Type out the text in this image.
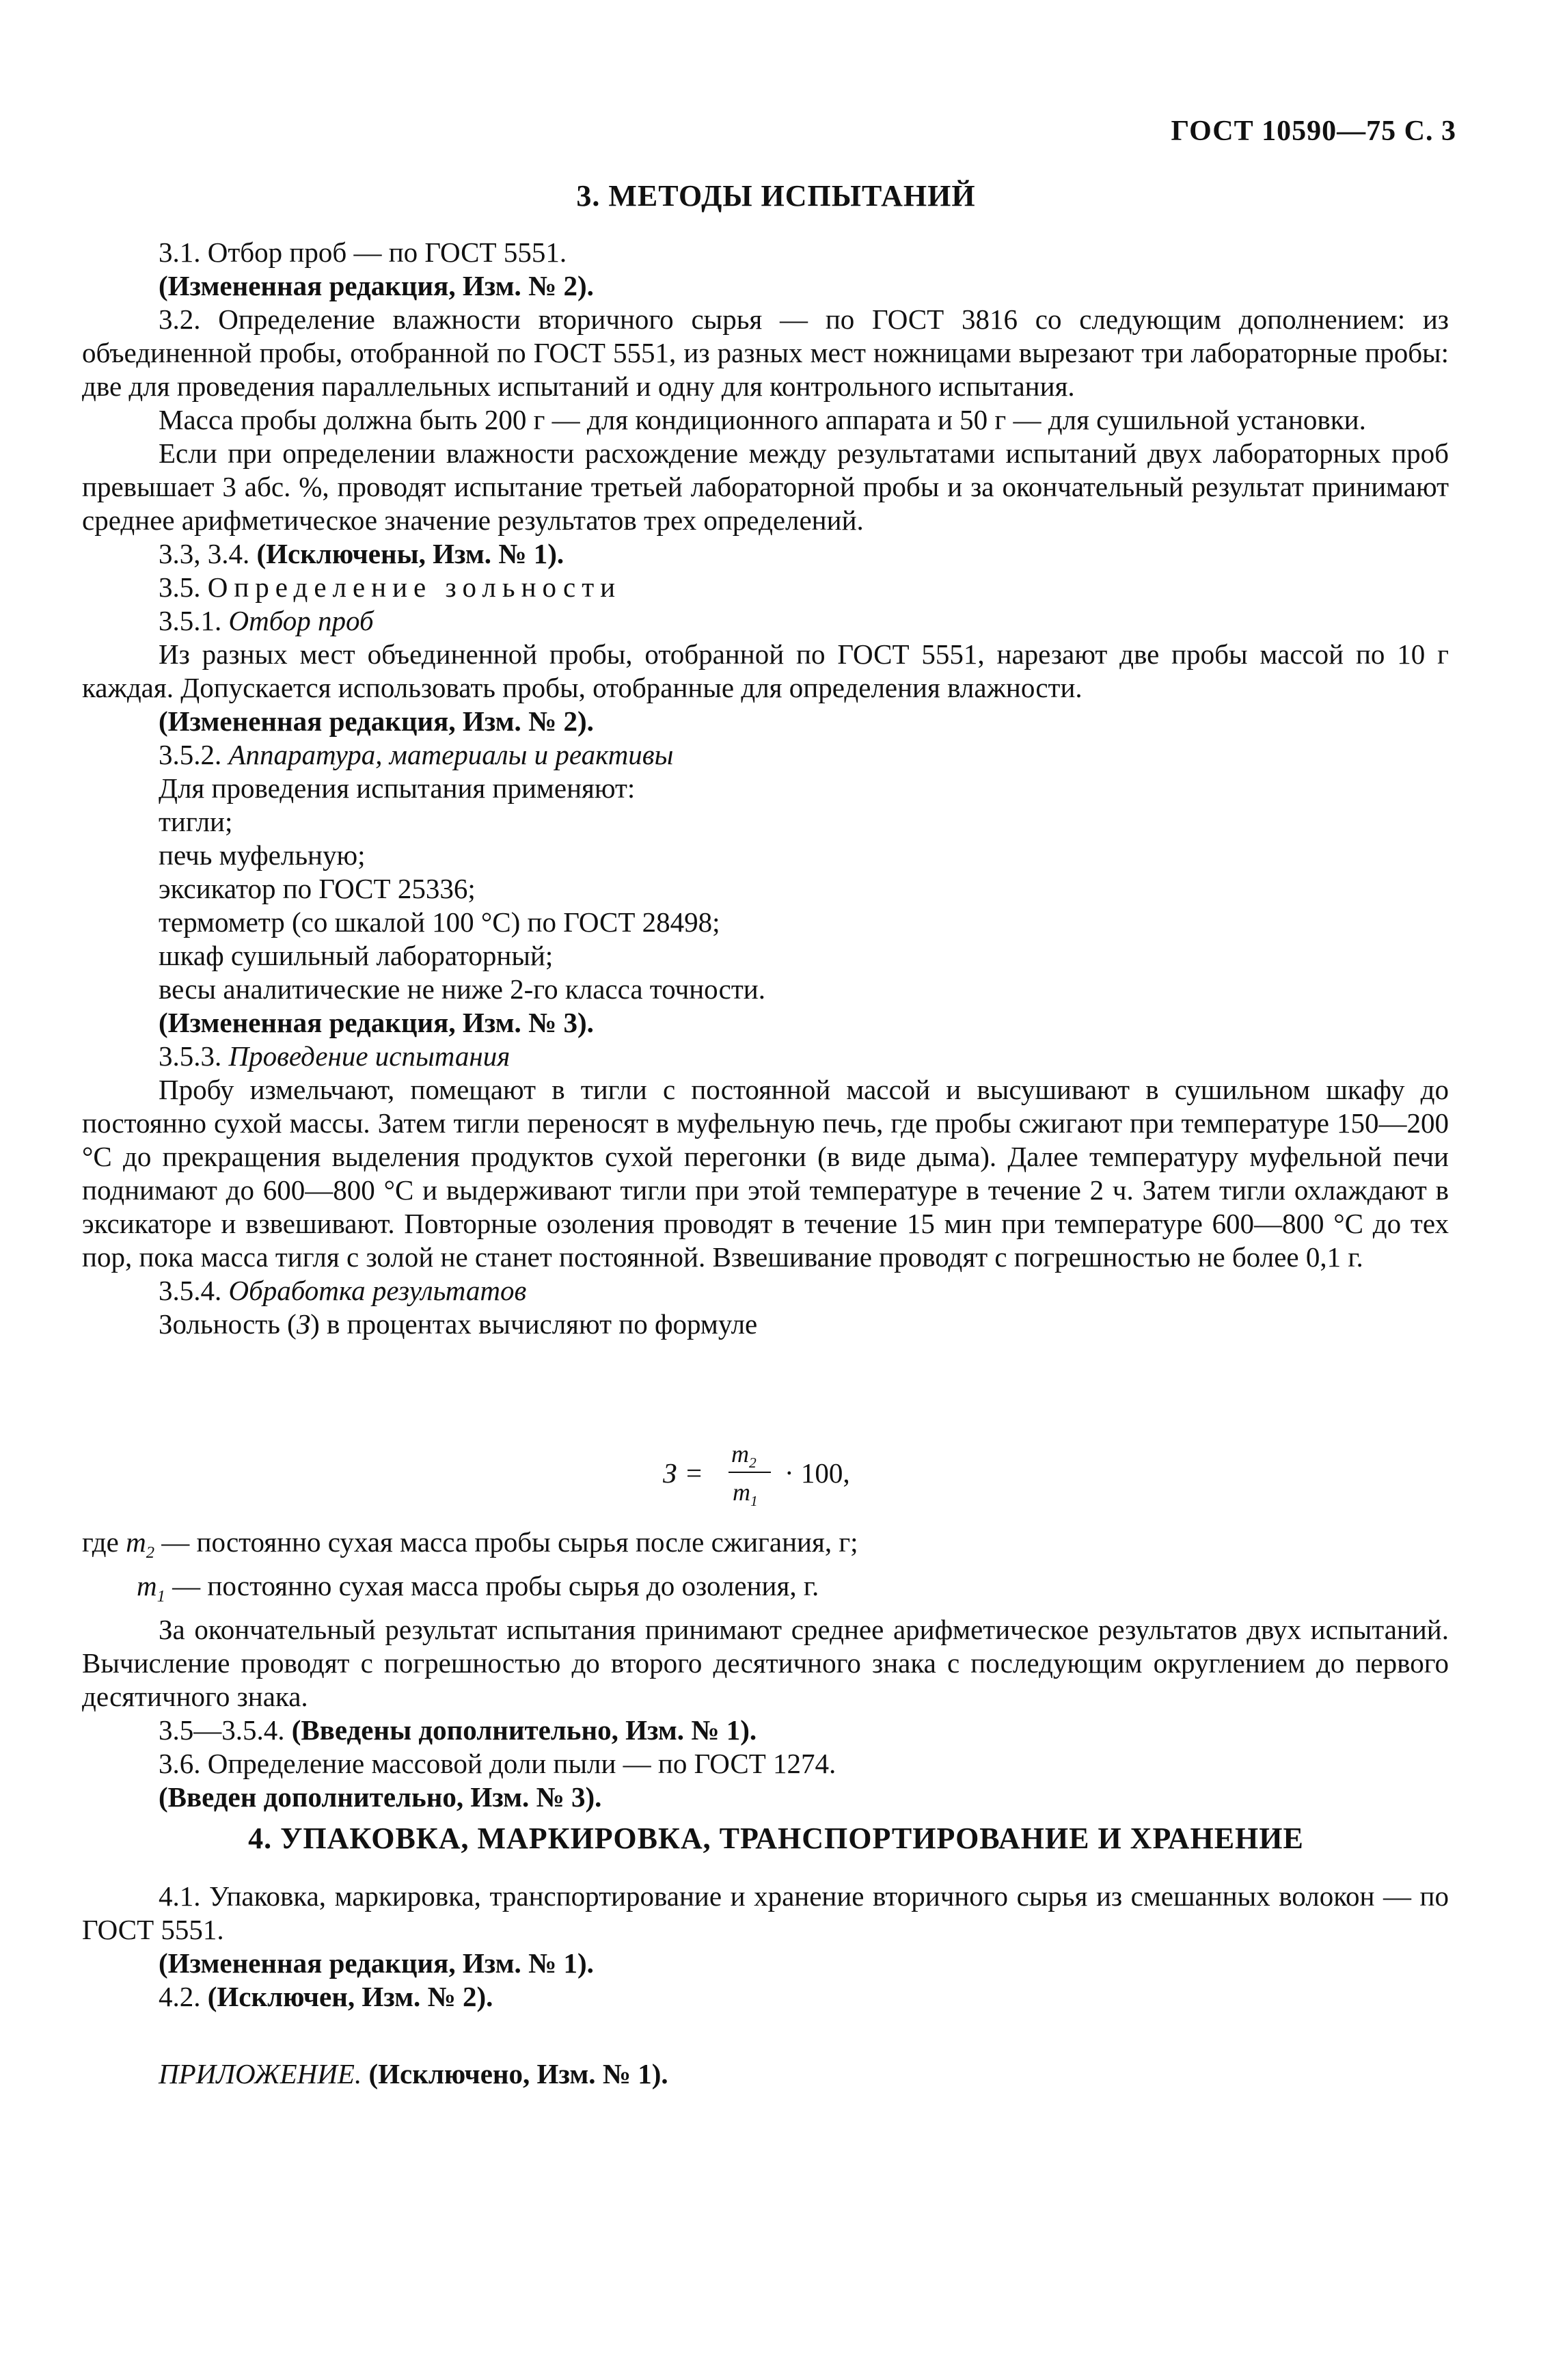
ГОСТ 10590—75 С. 3
3. МЕТОДЫ ИСПЫТАНИЙ

3.1. Отбор проб — по ГОСТ 5551.

(Измененная редакция, Изм. № 2).

3.2. Определение влажности вторичного сырья — по ГОСТ 3816 со следующим дополнением: из объединенной пробы, отобранной по ГОСТ 5551, из разных мест ножницами вырезают три лабораторные пробы: две для проведения параллельных испытаний и одну для контрольного испытания.

Масса пробы должна быть 200 г — для кондиционного аппарата и 50 г — для сушильной установки.

Если при определении влажности расхождение между результатами испытаний двух лабораторных проб превышает 3 абс. %, проводят испытание третьей лабораторной пробы и за окончательный результат принимают среднее арифметическое значение результатов трех определений.

3.3, 3.4. (Исключены, Изм. № 1).

3.5. Определение зольности

3.5.1. Отбор проб

Из разных мест объединенной пробы, отобранной по ГОСТ 5551, нарезают две пробы массой по 10 г каждая. Допускается использовать пробы, отобранные для определения влажности.

(Измененная редакция, Изм. № 2).

3.5.2. Аппаратура, материалы и реактивы

Для проведения испытания применяют:

тигли;

печь муфельную;

эксикатор по ГОСТ 25336;

термометр (со шкалой 100 °С) по ГОСТ 28498;

шкаф сушильный лабораторный;

весы аналитические не ниже 2-го класса точности.

(Измененная редакция, Изм. № 3).

3.5.3. Проведение испытания

Пробу измельчают, помещают в тигли с постоянной массой и высушивают в сушильном шкафу до постоянно сухой массы. Затем тигли переносят в муфельную печь, где пробы сжигают при температуре 150—200 °С до прекращения выделения продуктов сухой перегонки (в виде дыма). Далее температуру муфельной печи поднимают до 600—800 °С и выдерживают тигли при этой температуре в течение 2 ч. Затем тигли охлаждают в эксикаторе и взвешивают. Повторные озоления проводят в течение 15 мин при температуре 600—800 °С до тех пор, пока масса тигля с золой не станет постоянной. Взвешивание проводят с погрешностью не более 0,1 г.

3.5.4. Обработка результатов

Зольность (З) в процентах вычисляют по формуле

З =
$m_2$
$m_1$
· 100,

где $m_2$ — постоянно сухая масса пробы сырья после сжигания, г;

$m_1$ — постоянно сухая масса пробы сырья до озоления, г.

За окончательный результат испытания принимают среднее арифметическое результатов двух испытаний. Вычисление проводят с погрешностью до второго десятичного знака с последующим округлением до первого десятичного знака.

3.5—3.5.4. (Введены дополнительно, Изм. № 1).

3.6. Определение массовой доли пыли — по ГОСТ 1274.

(Введен дополнительно, Изм. № 3).

4. УПАКОВКА, МАРКИРОВКА, ТРАНСПОРТИРОВАНИЕ И ХРАНЕНИЕ

4.1. Упаковка, маркировка, транспортирование и хранение вторичного сырья из смешанных волокон — по ГОСТ 5551.

(Измененная редакция, Изм. № 1).

4.2. (Исключен, Изм. № 2).

ПРИЛОЖЕНИЕ. (Исключено, Изм. № 1).
